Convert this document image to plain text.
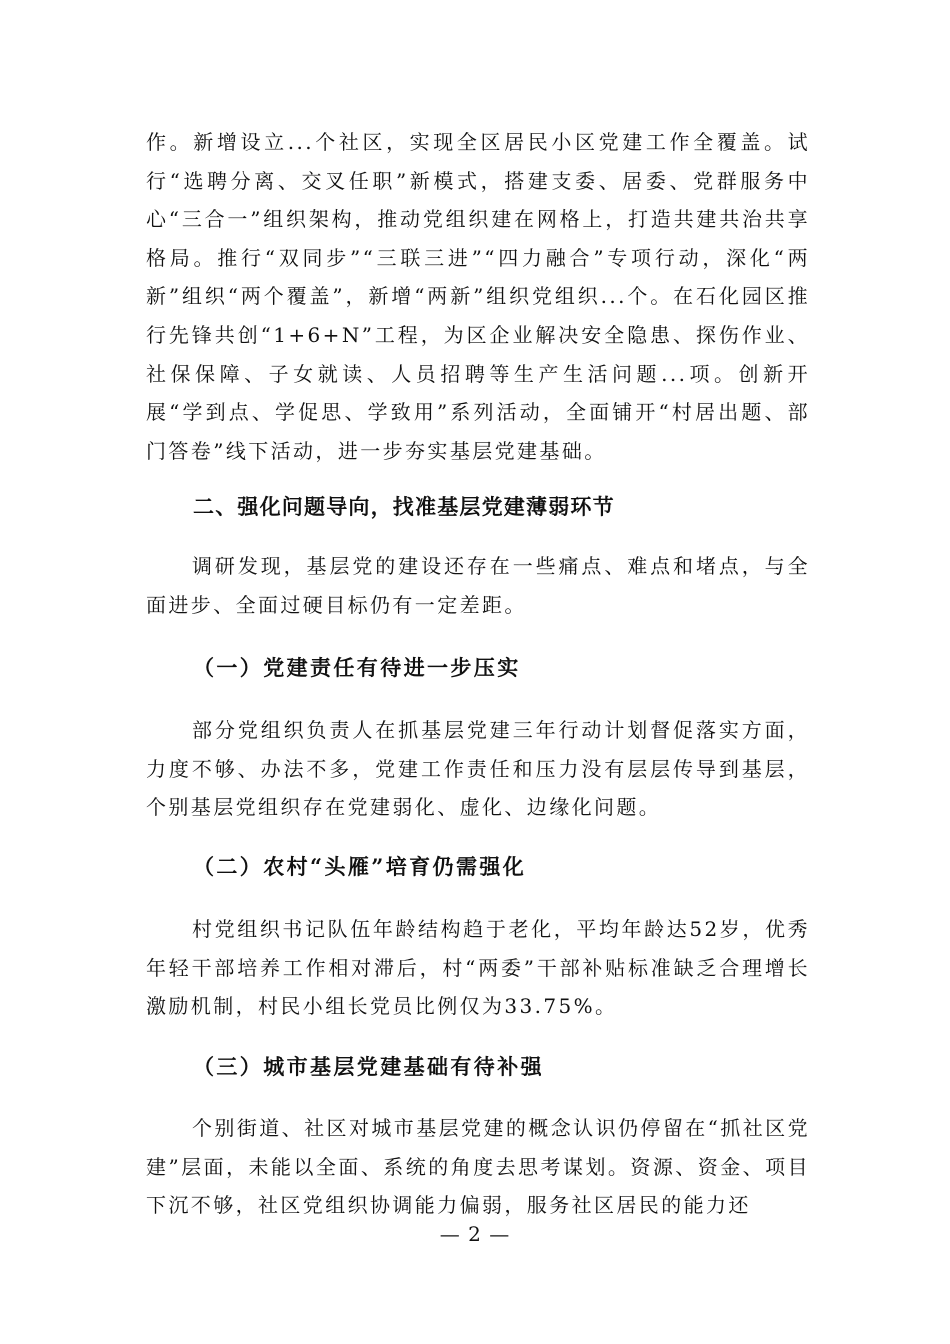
作。新增设立...个社区，实现全区居民小区党建工作全覆盖。试行“选聘分离、交叉任职”新模式，搭建支委、居委、党群服务中心“三合一”组织架构，推动党组织建在网格上，打造共建共治共享格局。推行“双同步”“三联三进”“四力融合”专项行动，深化“两新”组织“两个覆盖”，新增“两新”组织党组织...个。在石化园区推行先锋共创“1+6+N”工程，为区企业解决安全隐患、探伤作业、社保保障、子女就读、人员招聘等生产生活问题...项。创新开展“学到点、学促思、学致用”系列活动，全面铺开“村居出题、部门答卷”线下活动，进一步夯实基层党建基础。

二、强化问题导向，找准基层党建薄弱环节

调研发现，基层党的建设还存在一些痛点、难点和堵点，与全面进步、全面过硬目标仍有一定差距。

（一）党建责任有待进一步压实

部分党组织负责人在抓基层党建三年行动计划督促落实方面，力度不够、办法不多，党建工作责任和压力没有层层传导到基层，个别基层党组织存在党建弱化、虚化、边缘化问题。

（二）农村“头雁”培育仍需强化

村党组织书记队伍年龄结构趋于老化，平均年龄达52岁，优秀年轻干部培养工作相对滞后，村“两委”干部补贴标准缺乏合理增长激励机制，村民小组长党员比例仅为33.75%。

（三）城市基层党建基础有待补强

个别街道、社区对城市基层党建的概念认识仍停留在“抓社区党建”层面，未能以全面、系统的角度去思考谋划。资源、资金、项目下沉不够，社区党组织协调能力偏弱，服务社区居民的能力还

— 2 —
